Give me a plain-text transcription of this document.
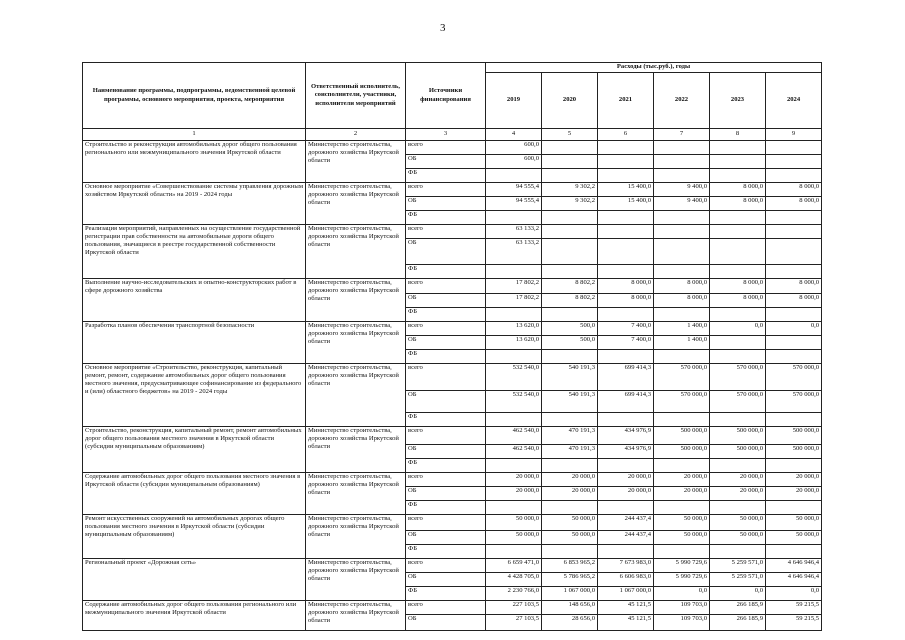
3
Наименование программы, подпрограммы, ведомственной целевой программы, основного мероприятия, проекта, мероприятия	Ответственный исполнитель, соисполнители, участники, исполнители мероприятий	Источники финансирования	Расходы (тыс.руб.), годы					
			2019	2020	2021	2022	2023	2024
1	2	3	4	5	6	7	8	9
Строительство и реконструкция автомобильных дорог общего пользования регионального или межмуниципального значения Иркутской области	Министерство строительства, дорожного хозяйства Иркутской области	всего	600,0					
		ОБ	600,0					
		ФБ						
Основное мероприятие «Совершенствование системы управления дорожным хозяйством Иркутской области» на 2019 - 2024 годы	Министерство строительства, дорожного хозяйства Иркутской области	всего	94 555,4	9 302,2	15 400,0	9 400,0	8 000,0	8 000,0
		ОБ	94 555,4	9 302,2	15 400,0	9 400,0	8 000,0	8 000,0
		ФБ						
Реализация мероприятий, направленных на осуществление государственной регистрации прав собственности на автомобильные дороги общего пользования, значащиеся в реестре государственной собственности Иркутской области	Министерство строительства, дорожного хозяйства Иркутской области	всего	63 133,2					
		ОБ	63 133,2					
		ФБ						
Выполнение научно-исследовательских и опытно-конструкторских работ в сфере дорожного хозяйства	Министерство строительства, дорожного хозяйства Иркутской области	всего	17 802,2	8 802,2	8 000,0	8 000,0	8 000,0	8 000,0
		ОБ	17 802,2	8 802,2	8 000,0	8 000,0	8 000,0	8 000,0
		ФБ						
Разработка планов обеспечения транспортной безопасности	Министерство строительства, дорожного хозяйства Иркутской области	всего	13 620,0	500,0	7 400,0	1 400,0	0,0	0,0
		ОБ	13 620,0	500,0	7 400,0	1 400,0		
		ФБ						
Основное мероприятие «Строительство, реконструкция, капитальный ремонт, ремонт, содержание автомобильных дорог общего пользования местного значения, предусматривающее софинансирование из федерального и (или) областного бюджетов» на 2019 - 2024 годы	Министерство строительства, дорожного хозяйства Иркутской области	всего	532 540,0	540 191,3	699 414,3	570 000,0	570 000,0	570 000,0
		ОБ	532 540,0	540 191,3	699 414,3	570 000,0	570 000,0	570 000,0
		ФБ						
Строительство, реконструкция, капитальный ремонт, ремонт автомобильных дорог общего пользования местного значения в Иркутской области (субсидии муниципальным образованиям)	Министерство строительства, дорожного хозяйства Иркутской области	всего	462 540,0	470 191,3	434 976,9	500 000,0	500 000,0	500 000,0
		ОБ	462 540,0	470 191,3	434 976,9	500 000,0	500 000,0	500 000,0
		ФБ						
Содержание автомобильных дорог общего пользования местного значения в Иркутской области (субсидии муниципальным образованиям)	Министерство строительства, дорожного хозяйства Иркутской области	всего	20 000,0	20 000,0	20 000,0	20 000,0	20 000,0	20 000,0
		ОБ	20 000,0	20 000,0	20 000,0	20 000,0	20 000,0	20 000,0
		ФБ						
Ремонт искусственных сооружений на автомобильных дорогах общего пользования местного значения в Иркутской области (субсидии муниципальным образованиям)	Министерство строительства, дорожного хозяйства Иркутской области	всего	50 000,0	50 000,0	244 437,4	50 000,0	50 000,0	50 000,0
		ОБ	50 000,0	50 000,0	244 437,4	50 000,0	50 000,0	50 000,0
		ФБ						
Региональный проект «Дорожная сеть»	Министерство строительства, дорожного хозяйства Иркутской области	всего	6 659 471,0	6 853 965,2	7 673 983,0	5 990 729,6	5 259 571,0	4 646 946,4
		ОБ	4 428 705,0	5 786 965,2	6 606 983,0	5 990 729,6	5 259 571,0	4 646 946,4
		ФБ	2 230 766,0	1 067 000,0	1 067 000,0	0,0	0,0	0,0
Содержание автомобильных дорог общего пользования регионального или межмуниципального значения Иркутской области	Министерство строительства, дорожного хозяйства Иркутской области	всего	227 103,5	148 656,0	45 121,5	109 703,0	266 185,9	59 215,5
		ОБ	27 103,5	28 656,0	45 121,5	109 703,0	266 185,9	59 215,5
